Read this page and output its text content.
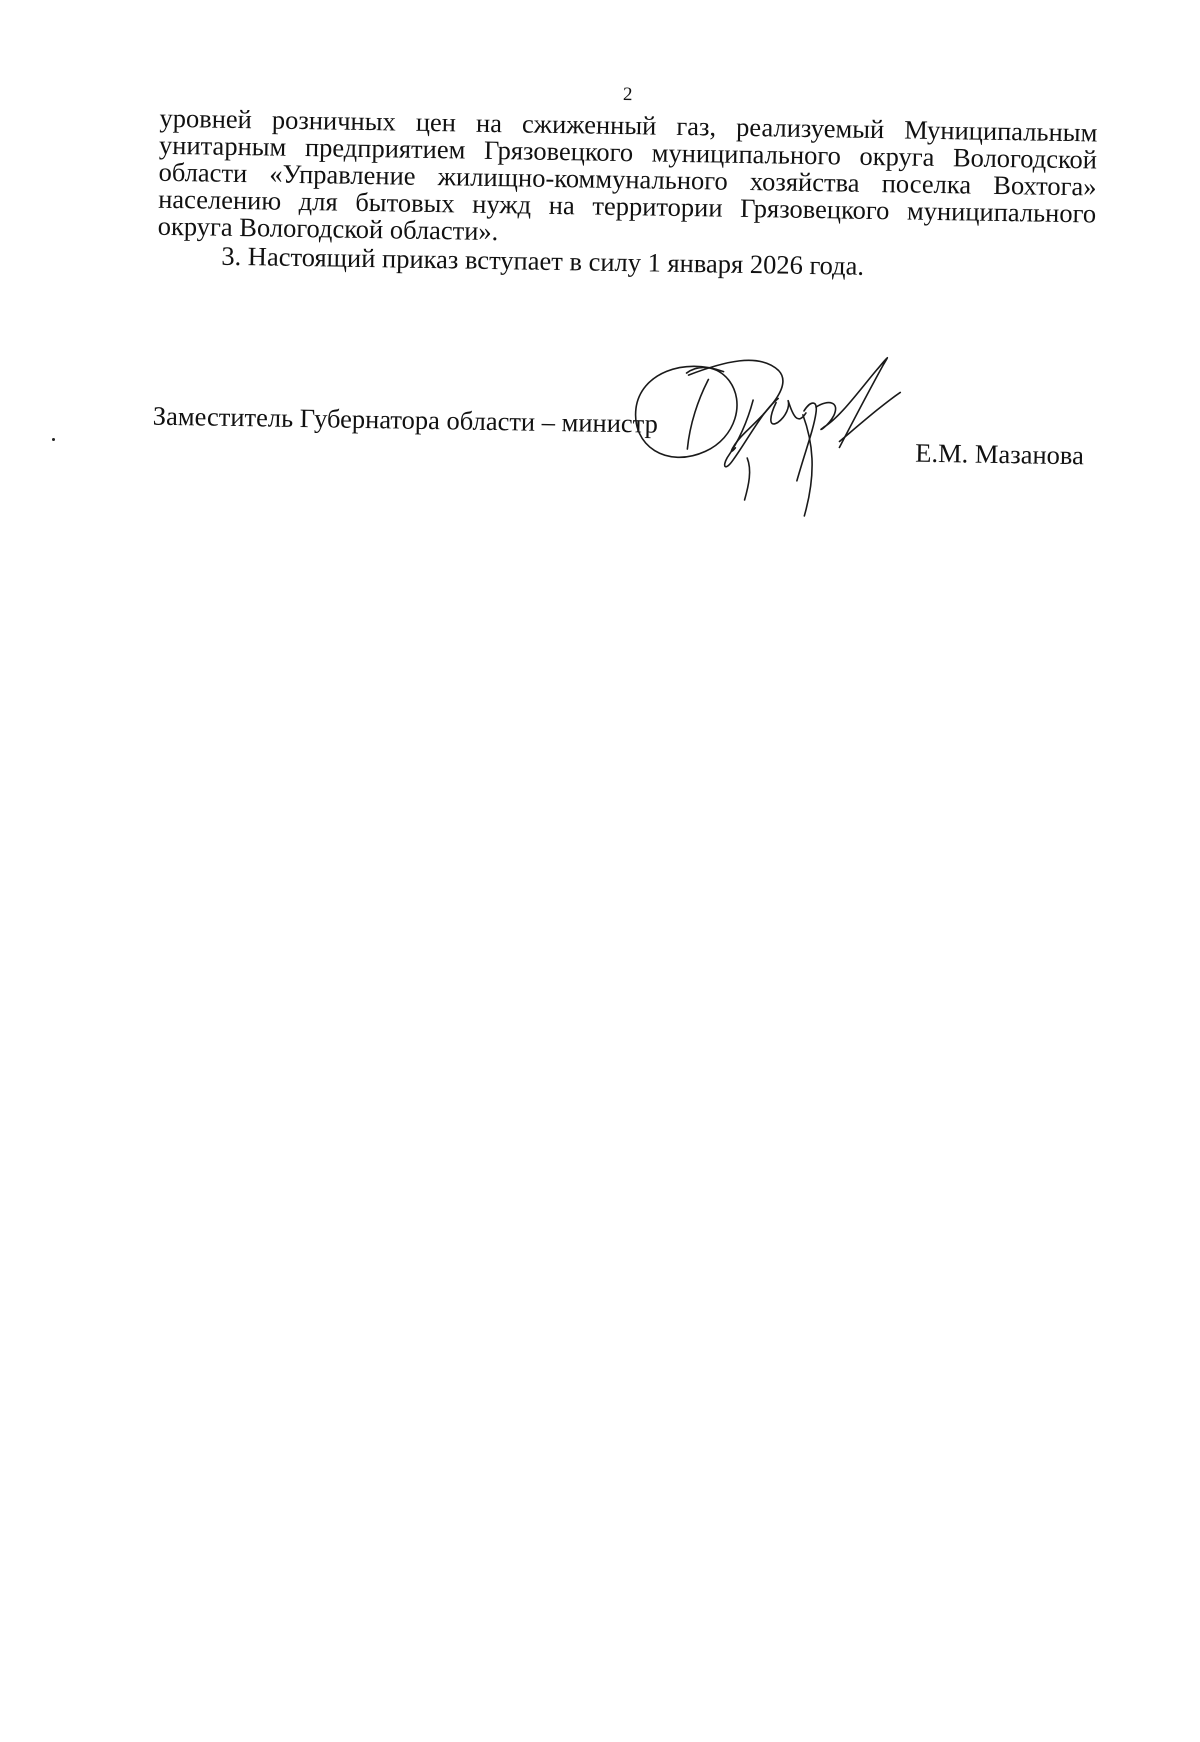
2

уровней розничных цен на сжиженный газ, реализуемый Муниципальным унитарным предприятием Грязовецкого муниципального округа Вологодской области «Управление жилищно-коммунального хозяйства поселка Вохтога» населению для бытовых нужд на территории Грязовецкого муниципального округа Вологодской области».

3. Настоящий приказ вступает в силу 1 января 2026 года.

Заместитель Губернатора области – министр
Е.М. Мазанова
